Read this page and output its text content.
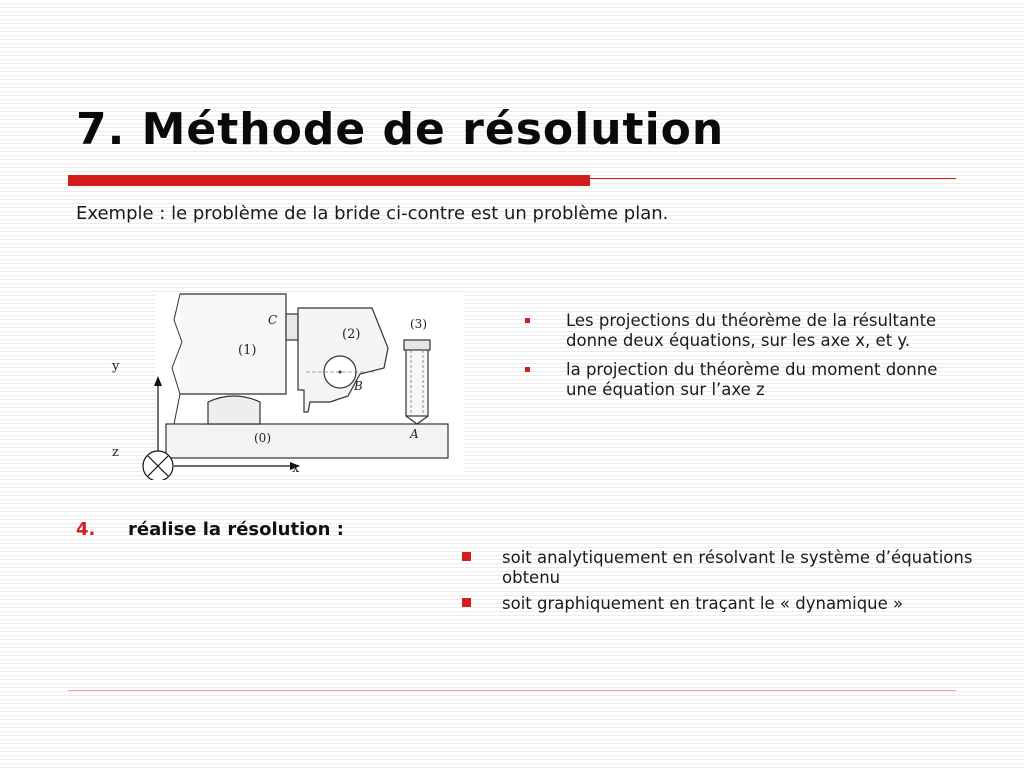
7. Méthode de résolution
Exemple : le problème de la bride ci-contre est un problème plan.
(1)
(2)
(3)
(0)
C
B
A
y
z
x
Les projections du théorème de la résultante donne deux équations, sur les axe x, et y.
la projection du théorème du moment donne une équation sur l’axe z
4. réalise la résolution :
soit analytiquement en résolvant le système d’équations obtenu
soit graphiquement en traçant le « dynamique »
